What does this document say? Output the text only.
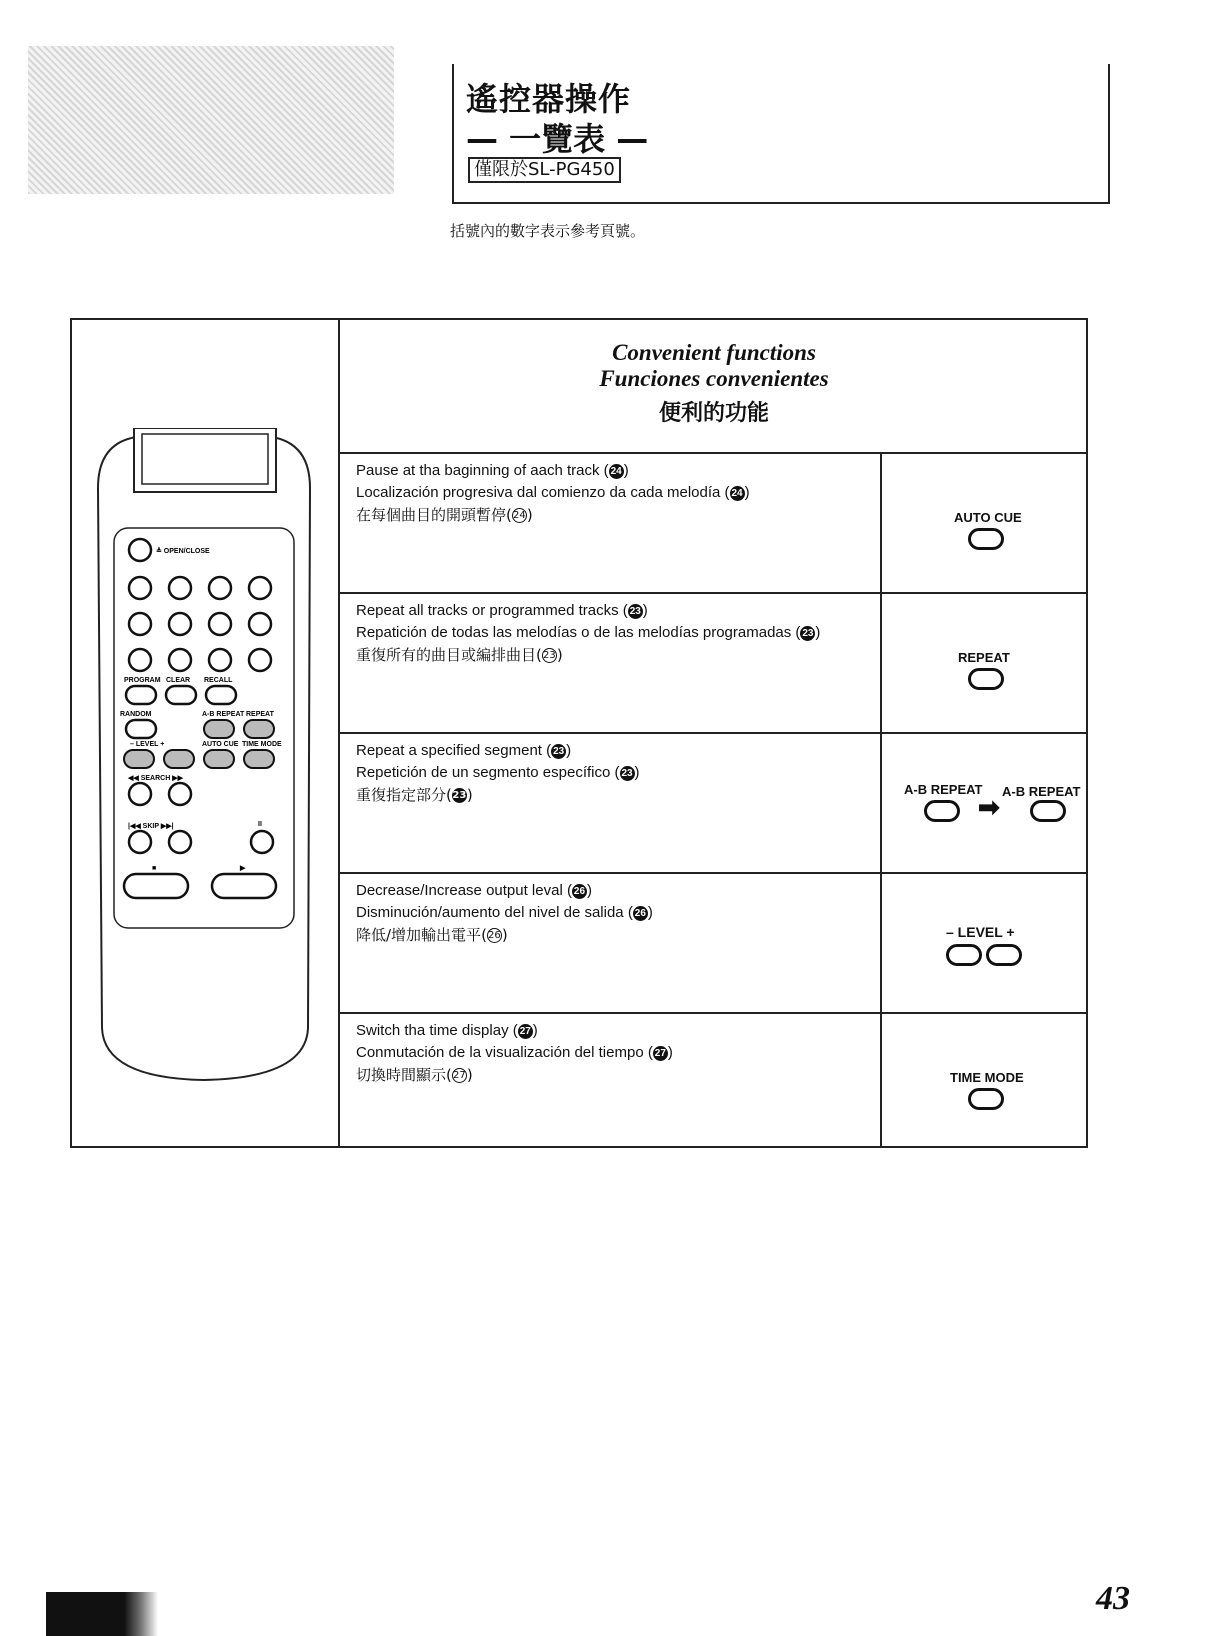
遙控器操作
— 一覽表 —
僅限於SL-PG450
括號內的數字表示參考頁號。
≜ OPEN/CLOSE
PROGRAM CLEAR RECALL
RANDOM	A-B REPEAT REPEAT
– LEVEL +	AUTO CUE TIME MODE
◀◀ SEARCH ▶▶
|◀◀ SKIP ▶▶|	II
■	▶
Convenient functions
Funciones convenientes
便利的功能
Pause at tha baginning of aach track ( 24 )
Localización progresiva dal comienzo da cada melodía ( 24 )
在每個曲目的開頭暫停(24)	AUTO CUE
Repeat all tracks or programmed tracks ( 23 )
Repatición de todas las melodías o de las melodías programadas ( 23 )
重復所有的曲目或編排曲目(23)	REPEAT
Repeat a specified segment ( 23 )
Repetición de un segmento específico ( 23 )
重復指定部分(23)	A-B REPEAT A-B REPEAT
➡
Decrease/Increase output leval ( 26 )
Disminución/aumento del nivel de salida ( 26 )
降低/增加輸出電平(26)	– LEVEL +
Switch tha time display ( 27 )
Conmutación de la visualización del tiempo ( 27 )
切換時間顯示(27)	TIME MODE
43
